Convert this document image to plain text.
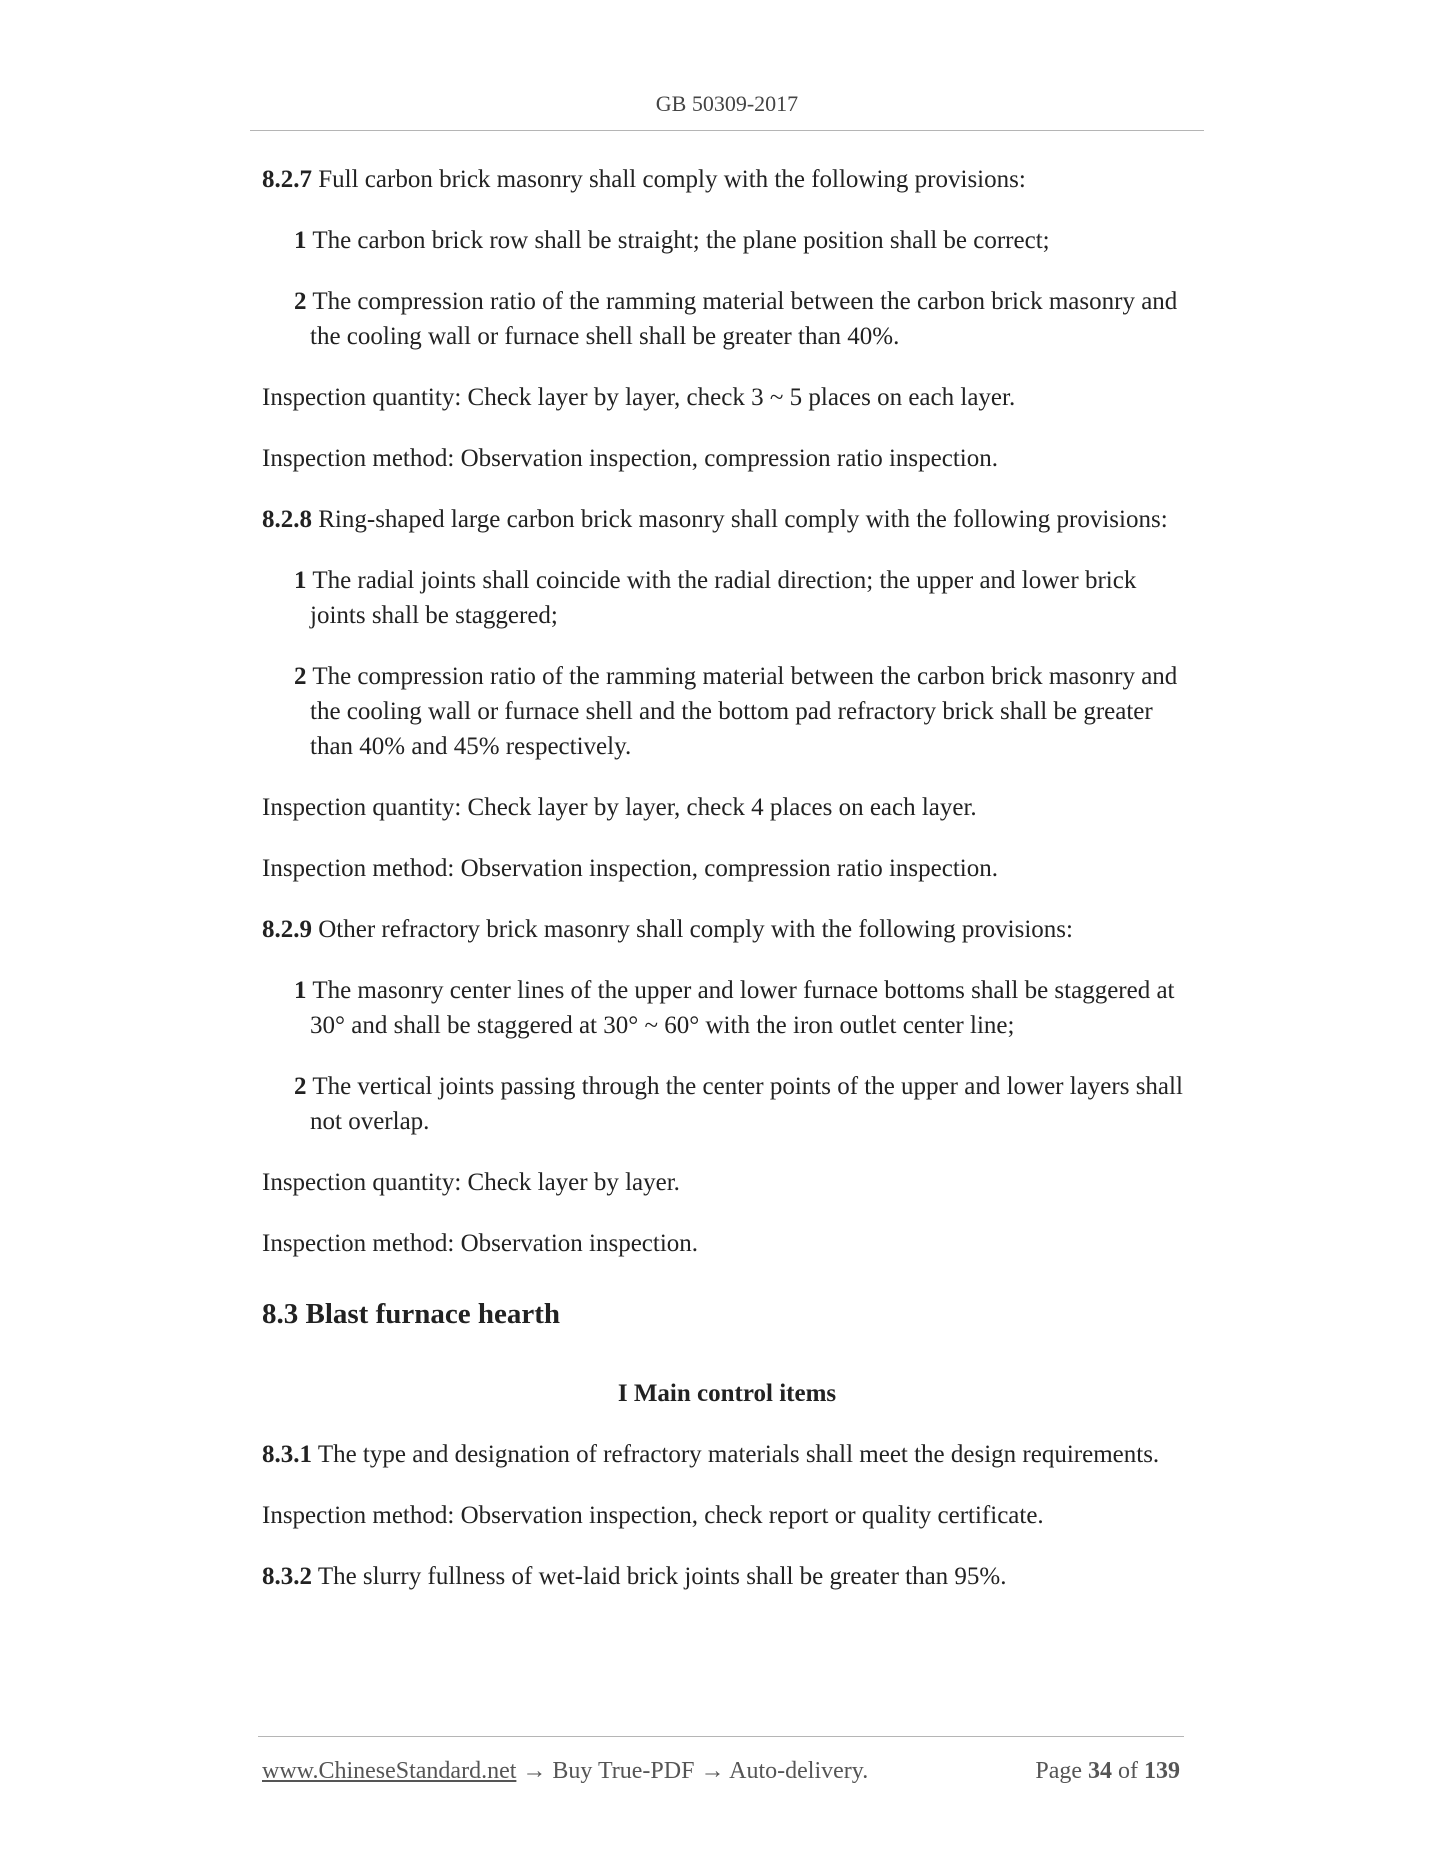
GB 50309-2017

8.2.7 Full carbon brick masonry shall comply with the following provisions:

1 The carbon brick row shall be straight; the plane position shall be correct;

2 The compression ratio of the ramming material between the carbon brick masonry and the cooling wall or furnace shell shall be greater than 40%.

Inspection quantity: Check layer by layer, check 3 ~ 5 places on each layer.

Inspection method: Observation inspection, compression ratio inspection.

8.2.8 Ring-shaped large carbon brick masonry shall comply with the following provisions:

1 The radial joints shall coincide with the radial direction; the upper and lower brick joints shall be staggered;

2 The compression ratio of the ramming material between the carbon brick masonry and the cooling wall or furnace shell and the bottom pad refractory brick shall be greater than 40% and 45% respectively.

Inspection quantity: Check layer by layer, check 4 places on each layer.

Inspection method: Observation inspection, compression ratio inspection.

8.2.9 Other refractory brick masonry shall comply with the following provisions:

1 The masonry center lines of the upper and lower furnace bottoms shall be staggered at 30° and shall be staggered at 30° ~ 60° with the iron outlet center line;

2 The vertical joints passing through the center points of the upper and lower layers shall not overlap.

Inspection quantity: Check layer by layer.

Inspection method: Observation inspection.

8.3 Blast furnace hearth
I Main control items

8.3.1 The type and designation of refractory materials shall meet the design requirements.

Inspection method: Observation inspection, check report or quality certificate.

8.3.2 The slurry fullness of wet-laid brick joints shall be greater than 95%.

www.ChineseStandard.net → Buy True-PDF → Auto-delivery.	Page 34 of 139
